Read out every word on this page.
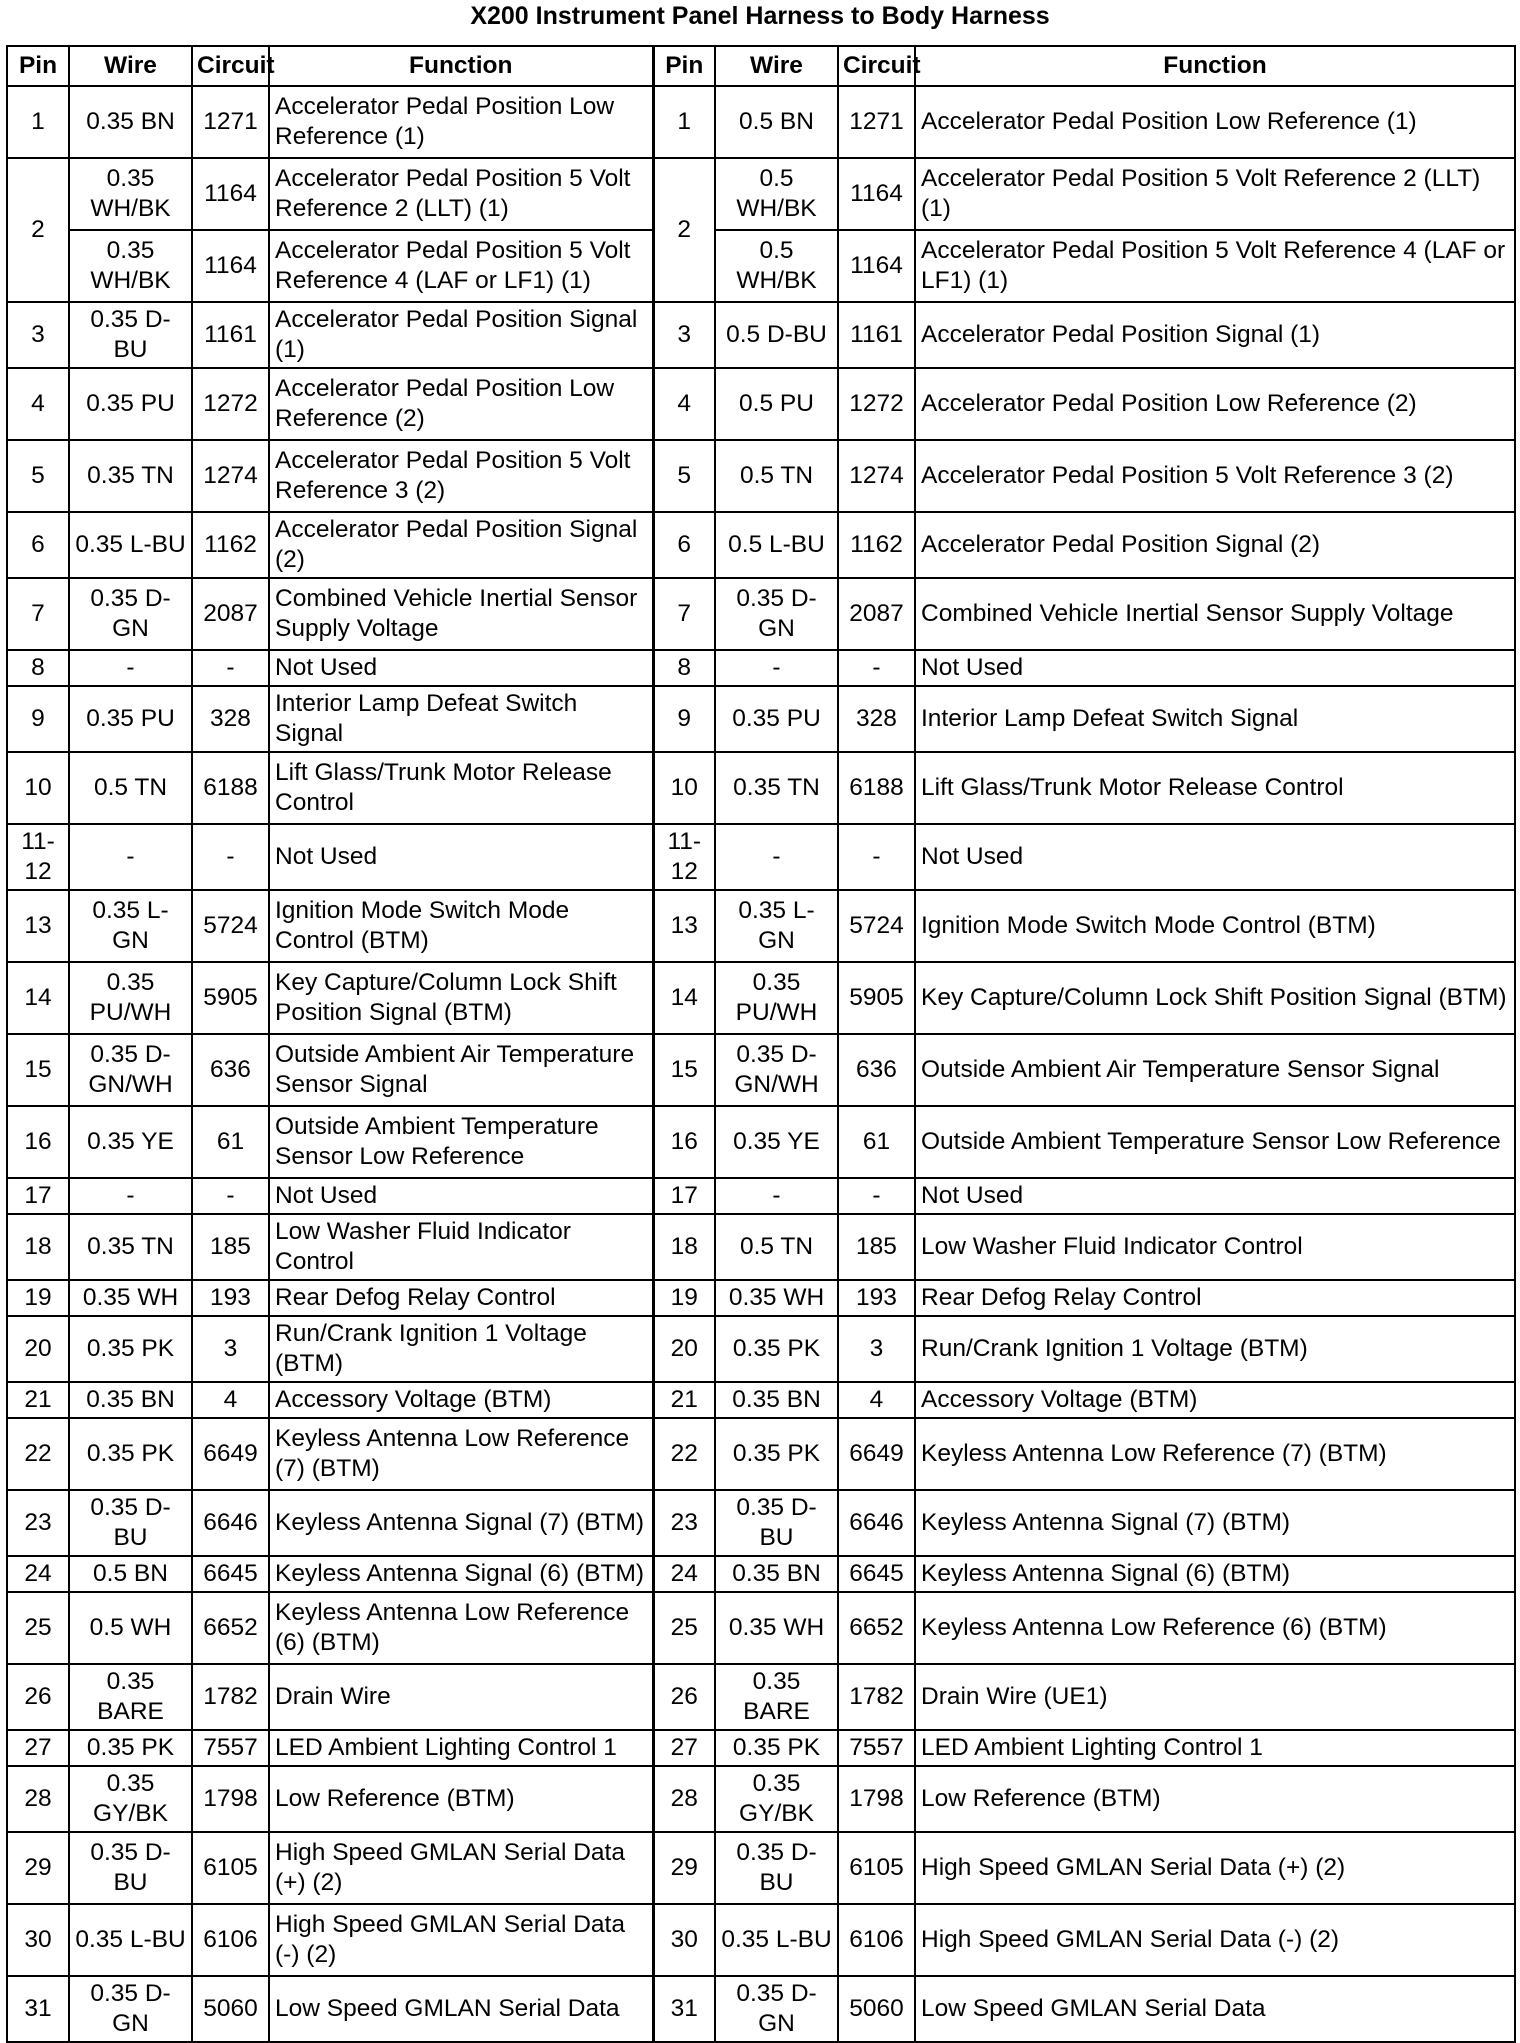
X200 Instrument Panel Harness to Body Harness
Pin	Wire	Circuit	Function	Pin	Wire	Circuit	Function
1	0.35 BN	1271	Accelerator Pedal Position Low Reference (1)	1	0.5 BN	1271	Accelerator Pedal Position Low Reference (1)
2	0.35 WH/BK	1164	Accelerator Pedal Position 5 Volt Reference 2 (LLT) (1)	2	0.5 WH/BK	1164	Accelerator Pedal Position 5 Volt Reference 2 (LLT) (1)
	0.35 WH/BK	1164	Accelerator Pedal Position 5 Volt Reference 4 (LAF or LF1) (1)		0.5 WH/BK	1164	Accelerator Pedal Position 5 Volt Reference 4 (LAF or LF1) (1)
3	0.35 D-BU	1161	Accelerator Pedal Position Signal (1)	3	0.5 D-BU	1161	Accelerator Pedal Position Signal (1)
4	0.35 PU	1272	Accelerator Pedal Position Low Reference (2)	4	0.5 PU	1272	Accelerator Pedal Position Low Reference (2)
5	0.35 TN	1274	Accelerator Pedal Position 5 Volt Reference 3 (2)	5	0.5 TN	1274	Accelerator Pedal Position 5 Volt Reference 3 (2)
6	0.35 L-BU	1162	Accelerator Pedal Position Signal (2)	6	0.5 L-BU	1162	Accelerator Pedal Position Signal (2)
7	0.35 D-GN	2087	Combined Vehicle Inertial Sensor Supply Voltage	7	0.35 D-GN	2087	Combined Vehicle Inertial Sensor Supply Voltage
8	-	-	Not Used	8	-	-	Not Used
9	0.35 PU	328	Interior Lamp Defeat Switch Signal	9	0.35 PU	328	Interior Lamp Defeat Switch Signal
10	0.5 TN	6188	Lift Glass/Trunk Motor Release Control	10	0.35 TN	6188	Lift Glass/Trunk Motor Release Control
11-12	-	-	Not Used	11-12	-	-	Not Used
13	0.35 L-GN	5724	Ignition Mode Switch Mode Control (BTM)	13	0.35 L-GN	5724	Ignition Mode Switch Mode Control (BTM)
14	0.35 PU/WH	5905	Key Capture/Column Lock Shift Position Signal (BTM)	14	0.35 PU/WH	5905	Key Capture/Column Lock Shift Position Signal (BTM)
15	0.35 D-GN/WH	636	Outside Ambient Air Temperature Sensor Signal	15	0.35 D-GN/WH	636	Outside Ambient Air Temperature Sensor Signal
16	0.35 YE	61	Outside Ambient Temperature Sensor Low Reference	16	0.35 YE	61	Outside Ambient Temperature Sensor Low Reference
17	-	-	Not Used	17	-	-	Not Used
18	0.35 TN	185	Low Washer Fluid Indicator Control	18	0.5 TN	185	Low Washer Fluid Indicator Control
19	0.35 WH	193	Rear Defog Relay Control	19	0.35 WH	193	Rear Defog Relay Control
20	0.35 PK	3	Run/Crank Ignition 1 Voltage (BTM)	20	0.35 PK	3	Run/Crank Ignition 1 Voltage (BTM)
21	0.35 BN	4	Accessory Voltage (BTM)	21	0.35 BN	4	Accessory Voltage (BTM)
22	0.35 PK	6649	Keyless Antenna Low Reference (7) (BTM)	22	0.35 PK	6649	Keyless Antenna Low Reference (7) (BTM)
23	0.35 D-BU	6646	Keyless Antenna Signal (7) (BTM)	23	0.35 D-BU	6646	Keyless Antenna Signal (7) (BTM)
24	0.5 BN	6645	Keyless Antenna Signal (6) (BTM)	24	0.35 BN	6645	Keyless Antenna Signal (6) (BTM)
25	0.5 WH	6652	Keyless Antenna Low Reference (6) (BTM)	25	0.35 WH	6652	Keyless Antenna Low Reference (6) (BTM)
26	0.35 BARE	1782	Drain Wire	26	0.35 BARE	1782	Drain Wire (UE1)
27	0.35 PK	7557	LED Ambient Lighting Control 1	27	0.35 PK	7557	LED Ambient Lighting Control 1
28	0.35 GY/BK	1798	Low Reference (BTM)	28	0.35 GY/BK	1798	Low Reference (BTM)
29	0.35 D-BU	6105	High Speed GMLAN Serial Data (+) (2)	29	0.35 D-BU	6105	High Speed GMLAN Serial Data (+) (2)
30	0.35 L-BU	6106	High Speed GMLAN Serial Data (-) (2)	30	0.35 L-BU	6106	High Speed GMLAN Serial Data (-) (2)
31	0.35 D-GN	5060	Low Speed GMLAN Serial Data	31	0.35 D-GN	5060	Low Speed GMLAN Serial Data
